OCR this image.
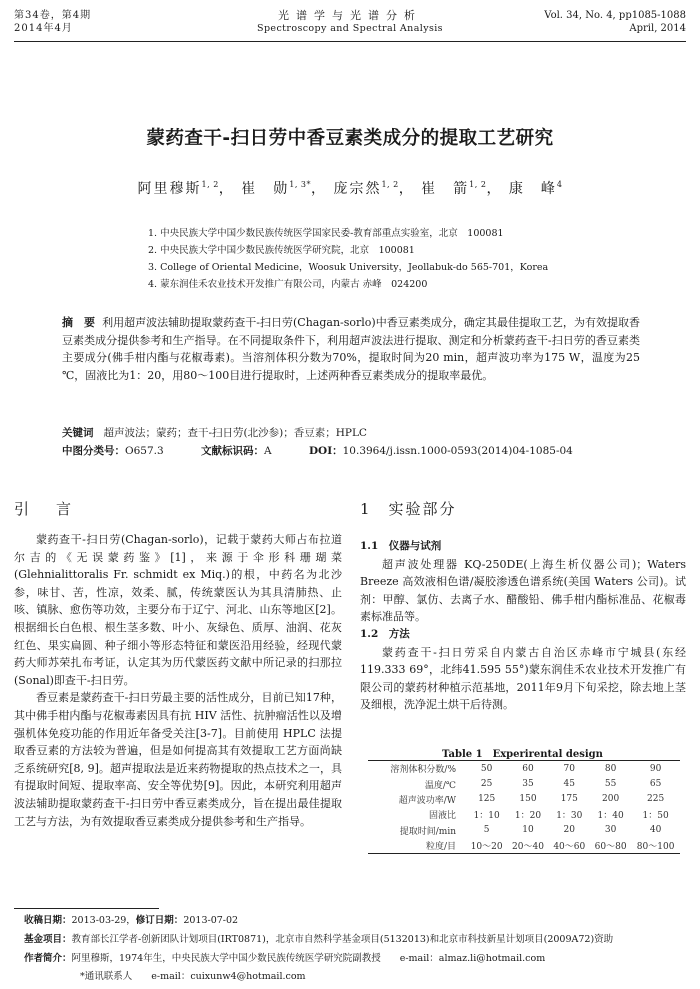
第34卷，第4期
2014年4月
光谱学与光谱分析
Spectroscopy and Spectral Analysis
Vol. 34, No. 4, pp1085-1088
April, 2014
蒙药查干-扫日劳中香豆素类成分的提取工艺研究
阿里穆斯$^{1, 2}$， 崔　勋$^{1, 3*}$， 庞宗然$^{1, 2}$， 崔　箭$^{1, 2}$， 康　峰$^4$
1. 中央民族大学中国少数民族传统医学国家民委-教育部重点实验室，北京　100081
2. 中央民族大学中国少数民族传统医学研究院，北京　100081
3. College of Oriental Medicine，Woosuk University，Jeollabuk-do 565-701，Korea
4. 蒙东润佳禾农业技术开发推广有限公司，内蒙古 赤峰　024200
摘　要 利用超声波法辅助提取蒙药查干-扫日劳(Chagan-sorlo)中香豆素类成分，确定其最佳提取工艺，为有效提取香豆素类成分提供参考和生产指导。在不同提取条件下，利用超声波法进行提取、测定和分析蒙药查干-扫日劳的香豆素类主要成分(佛手柑内酯与花椒毒素)。当溶剂体积分数为70%，提取时间为20 min，超声波功率为175 W，温度为25 ℃，固液比为1：20，用80～100目进行提取时，上述两种香豆素类成分的提取率最优。
关键词 超声波法；蒙药；查干-扫日劳(北沙参)；香豆素；HPLC
中图分类号：O657.3	文献标识码：A	DOI：10.3964/j.issn.1000-0593(2014)04-1085-04
引　言
蒙药查干-扫日劳(Chagan-sorlo)，记载于蒙药大师占布拉道尔吉的《无误蒙药鉴》[1]，来源于伞形科珊瑚菜(Glehnialittoralis Fr. schmidt ex Miq.)的根，中药名为北沙参，味甘、苦，性凉，效柔、腻，传统蒙医认为其具清肺热、止咳、镇脉、愈伤等功效，主要分布于辽宁、河北、山东等地区[2]。根据细长白色根、根生茎多数、叶小、灰绿色、质厚、油润、花灰红色、果实扁圆、种子细小等形态特征和蒙医沿用经验，经现代蒙药大师苏荣扎布考证，认定其为历代蒙医药文献中所记录的扫那拉(Sonal)即查干-扫日劳。
香豆素是蒙药查干-扫日劳最主要的活性成分，目前已知17种，其中佛手柑内酯与花椒毒素因具有抗 HIV 活性、抗肿瘤活性以及增强机体免疫功能的作用近年备受关注[3-7]。目前使用 HPLC 法提取香豆素的方法较为普遍，但是如何提高其有效提取工艺方面尚缺乏系统研究[8, 9]。超声提取法是近来药物提取的热点技术之一，具有提取时间短、提取率高、安全等优势[9]。因此，本研究利用超声波法辅助提取蒙药查干-扫日劳中香豆素类成分，旨在提出最佳提取工艺与方法，为有效提取香豆素类成分提供参考和生产指导。
1　实验部分
1.1　仪器与试剂
超声波处理器 KQ-250DE(上海生析仪器公司)；Waters Breeze 高效液相色谱/凝胶渗透色谱系统(美国 Waters 公司)。试剂：甲醇、氯仿、去离子水、醋酸铅、佛手柑内酯标准品、花椒毒素标准品等。
1.2　方法
蒙药查干-扫日劳采自内蒙古自治区赤峰市宁城县(东经119.333 69°，北纬41.595 55°)蒙东润佳禾农业技术开发推广有限公司的蒙药材种植示范基地，2011年9月下旬采挖，除去地上茎及细根，洗净泥土烘干后待测。
Table 1　Experirental design
溶剂体积分数/%	50	60	70	80	90
温度/℃	25	35	45	55	65
超声波功率/W	125	150	175	200	225
固液比	1：10	1：20	1：30	1：40	1：50
提取时间/min	5	10	20	30	40
粒度/目	10～20	20～40	40～60	60～80	80～100
收稿日期：2013-03-29，修订日期：2013-07-02
基金项目：教育部长江学者-创新团队计划项目(IRT0871)，北京市自然科学基金项目(5132013)和北京市科技新星计划项目(2009A72)资助
作者简介：阿里穆斯，1974年生，中央民族大学中国少数民族传统医学研究院副教授　　e-mail：almaz.li@hotmail.com
*通讯联系人　　e-mail：cuixunw4@hotmail.com
